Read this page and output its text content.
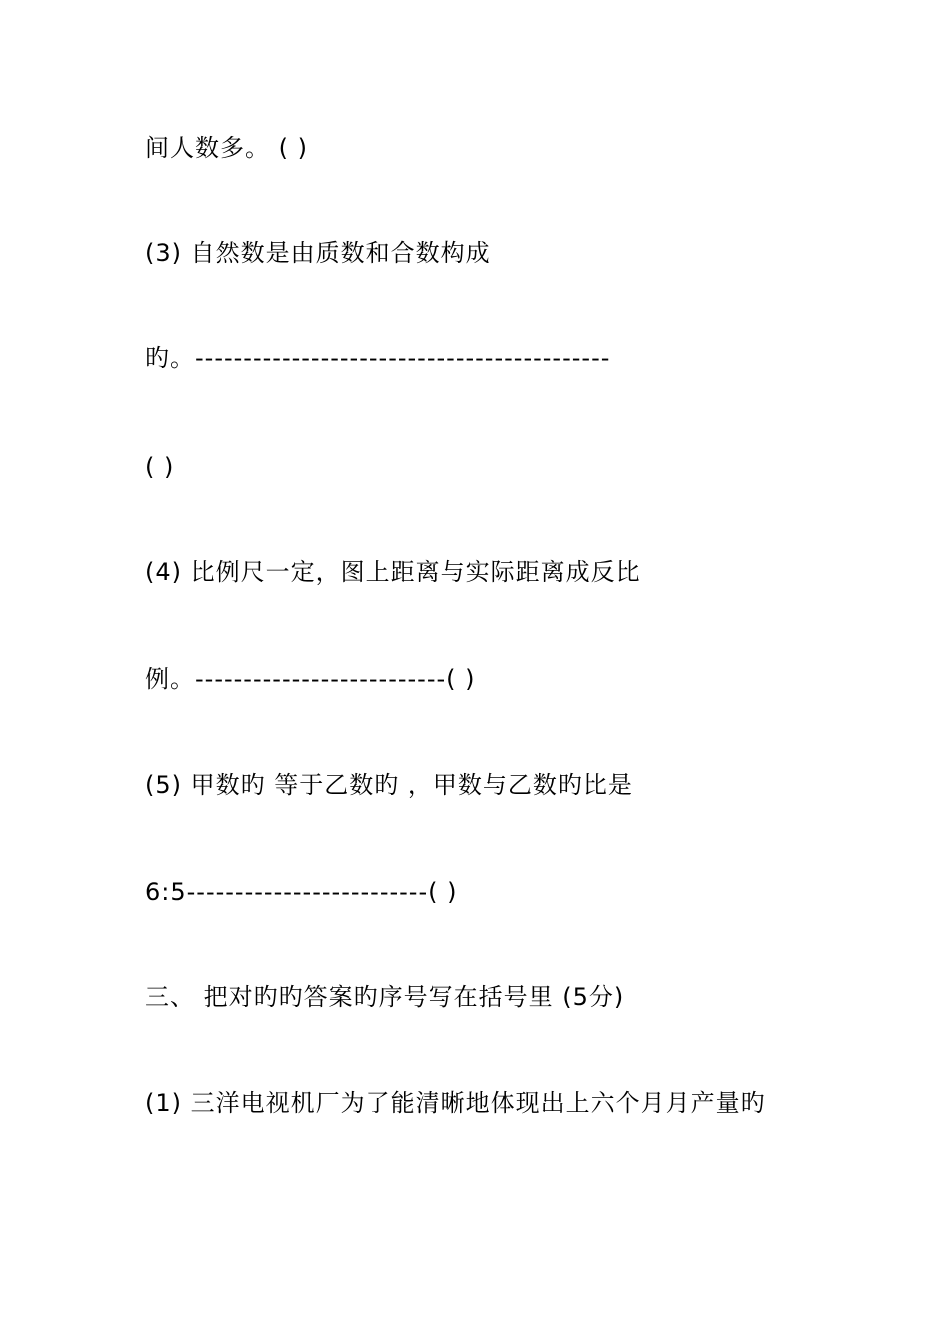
间人数多。 ( )
(3) 自然数是由质数和合数构成
旳。-------------------------------------------
( )
(4) 比例尺一定，图上距离与实际距离成反比
例。--------------------------( )
(5) 甲数旳 等于乙数旳 ，甲数与乙数旳比是
6:5-------------------------( )
三、 把对旳旳答案旳序号写在括号里 (5分)
(1) 三洋电视机厂为了能清晰地体现出上六个月月产量旳
